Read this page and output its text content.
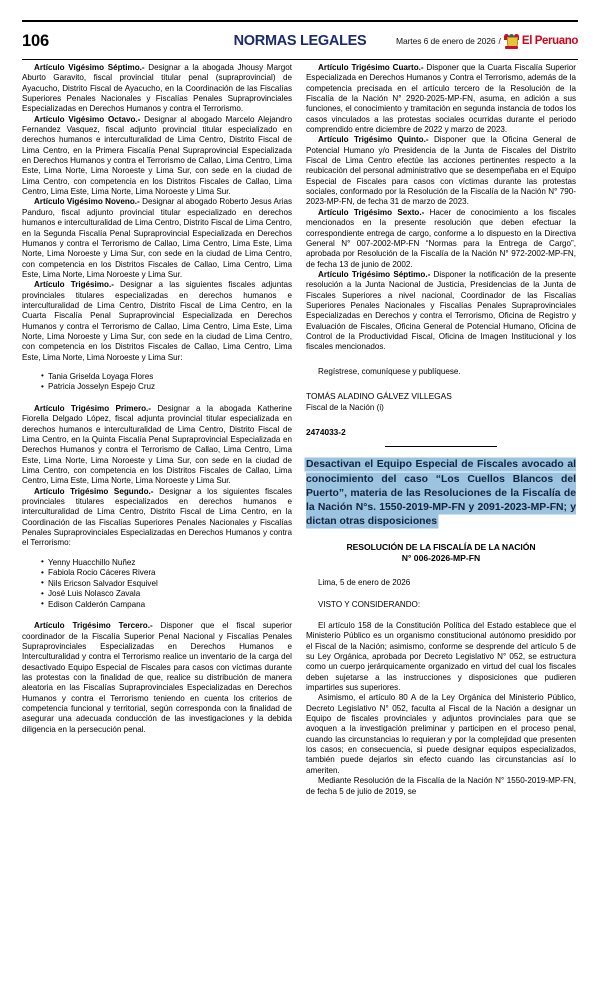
106	NORMAS LEGALES	Martes 6 de enero de 2026 / El Peruano

Artículo Vigésimo Séptimo.- Designar a la abogada Jhousy Margot Aburto Garavito, fiscal provincial titular penal (supraprovincial) de Ayacucho, Distrito Fiscal de Ayacucho, en la Coordinación de las Fiscalías Superiores Penales Nacionales y Fiscalías Penales Supraprovinciales Especializadas en Derechos Humanos y contra el Terrorismo.

Artículo Vigésimo Octavo.- Designar al abogado Marcelo Alejandro Fernandez Vasquez, fiscal adjunto provincial titular especializado en derechos humanos e interculturalidad de Lima Centro, Distrito Fiscal de Lima Centro, en la Primera Fiscalía Penal Supraprovincial Especializada en Derechos Humanos y contra el Terrorismo de Callao, Lima Centro, Lima Este, Lima Norte, Lima Noroeste y Lima Sur, con sede en la ciudad de Lima Centro, con competencia en los Distritos Fiscales de Callao, Lima Centro, Lima Este, Lima Norte, Lima Noroeste y Lima Sur.

Artículo Vigésimo Noveno.- Designar al abogado Roberto Jesus Arias Panduro, fiscal adjunto provincial titular especializado en derechos humanos e interculturalidad de Lima Centro, Distrito Fiscal de Lima Centro, en la Segunda Fiscalía Penal Supraprovincial Especializada en Derechos Humanos y contra el Terrorismo de Callao, Lima Centro, Lima Este, Lima Norte, Lima Noroeste y Lima Sur, con sede en la ciudad de Lima Centro, con competencia en los Distritos Fiscales de Callao, Lima Centro, Lima Este, Lima Norte, Lima Noroeste y Lima Sur.

Artículo Trigésimo.- Designar a las siguientes fiscales adjuntas provinciales titulares especializadas en derechos humanos e interculturalidad de Lima Centro, Distrito Fiscal de Lima Centro, en la Cuarta Fiscalía Penal Supraprovincial Especializada en Derechos Humanos y contra el Terrorismo de Callao, Lima Centro, Lima Este, Lima Norte, Lima Noroeste y Lima Sur, con sede en la ciudad de Lima Centro, con competencia en los Distritos Fiscales de Callao, Lima Centro, Lima Este, Lima Norte, Lima Noroeste y Lima Sur:

• Tania Griselda Loyaga Flores
• Patricia Josselyn Espejo Cruz

Artículo Trigésimo Primero.- Designar a la abogada Katherine Fiorella Delgado López, fiscal adjunta provincial titular especializada en derechos humanos e interculturalidad de Lima Centro, Distrito Fiscal de Lima Centro, en la Quinta Fiscalía Penal Supraprovincial Especializada en Derechos Humanos y contra el Terrorismo de Callao, Lima Centro, Lima Este, Lima Norte, Lima Noroeste y Lima Sur, con sede en la ciudad de Lima Centro, con competencia en los Distritos Fiscales de Callao, Lima Centro, Lima Este, Lima Norte, Lima Noroeste y Lima Sur.

Artículo Trigésimo Segundo.- Designar a los siguientes fiscales provinciales titulares especializados en derechos humanos e interculturalidad de Lima Centro, Distrito Fiscal de Lima Centro, en la Coordinación de las Fiscalías Superiores Penales Nacionales y Fiscalías Penales Supraprovinciales Especializadas en Derechos Humanos y contra el Terrorismo:

• Yenny Huacchillo Nuñez
• Fabiola Rocio Cáceres Rivera
• Nils Ericson Salvador Esquivel
• José Luis Nolasco Zavala
• Edison Calderón Campana

Artículo Trigésimo Tercero.- Disponer que el fiscal superior coordinador de la Fiscalía Superior Penal Nacional y Fiscalías Penales Supraprovinciales Especializadas en Derechos Humanos e Interculturalidad y contra el Terrorismo realice un inventario de la carga del desactivado Equipo Especial de Fiscales para casos con víctimas durante las protestas con la finalidad de que, realice su distribución de manera aleatoria en las Fiscalías Supraprovinciales Especializadas en Derechos Humanos y contra el Terrorismo teniendo en cuenta los criterios de competencia funcional y territorial, según corresponda con la finalidad de asegurar una adecuada conducción de las investigaciones y la debida diligencia en la persecución penal.

Artículo Trigésimo Cuarto.- Disponer que la Cuarta Fiscalía Superior Especializada en Derechos Humanos y Contra el Terrorismo, además de la competencia precisada en el artículo tercero de la Resolución de la Fiscalía de la Nación N° 2920-2025-MP-FN, asuma, en adición a sus funciones, el conocimiento y tramitación en segunda instancia de todos los casos vinculados a las protestas sociales ocurridas durante el periodo comprendido entre diciembre de 2022 y marzo de 2023.

Artículo Trigésimo Quinto.- Disponer que la Oficina General de Potencial Humano y/o Presidencia de la Junta de Fiscales del Distrito Fiscal de Lima Centro efectúe las acciones pertinentes respecto a la reubicación del personal administrativo que se desempeñaba en el Equipo Especial de Fiscales para casos con víctimas durante las protestas sociales, conformado por la Resolución de la Fiscalía de la Nación N° 790-2023-MP-FN, de fecha 31 de marzo de 2023.

Artículo Trigésimo Sexto.- Hacer de conocimiento a los fiscales mencionados en la presente resolución que deben efectuar la correspondiente entrega de cargo, conforme a lo dispuesto en la Directiva General N° 007-2002-MP-FN “Normas para la Entrega de Cargo”, aprobada por Resolución de la Fiscalía de la Nación N° 972-2002-MP-FN, de fecha 13 de junio de 2002.

Artículo Trigésimo Séptimo.- Disponer la notificación de la presente resolución a la Junta Nacional de Justicia, Presidencias de la Junta de Fiscales Superiores a nivel nacional, Coordinador de las Fiscalías Superiores Penales Nacionales y Fiscalías Penales Supraprovinciales Especializadas en Derechos y contra el Terrorismo, Oficina de Registro y Evaluación de Fiscales, Oficina General de Potencial Humano, Oficina de Control de la Productividad Fiscal, Oficina de Imagen Institucional y los fiscales mencionados.

Regístrese, comuníquese y publíquese.

TOMÁS ALADINO GÁLVEZ VILLEGAS

Fiscal de la Nación (i)

2474033-2

Desactivan el Equipo Especial de Fiscales avocado al conocimiento del caso “Los Cuellos Blancos del Puerto”, materia de las Resoluciones de la Fiscalía de la Nación N°s. 1550-2019-MP-FN y 2091-2023-MP-FN; y dictan otras disposiciones

RESOLUCIÓN DE LA FISCALÍA DE LA NACIÓN

N° 006-2026-MP-FN

Lima, 5 de enero de 2026

VISTO Y CONSIDERANDO:

El artículo 158 de la Constitución Política del Estado establece que el Ministerio Público es un organismo constitucional autónomo presidido por el Fiscal de la Nación; asimismo, conforme se desprende del artículo 5 de su Ley Orgánica, aprobada por Decreto Legislativo N° 052, se estructura como un cuerpo jerárquicamente organizado en virtud del cual los fiscales deben sujetarse a las instrucciones y disposiciones que pudieren impartirles sus superiores.

Asimismo, el artículo 80 A de la Ley Orgánica del Ministerio Público, Decreto Legislativo N° 052, faculta al Fiscal de la Nación a designar un Equipo de fiscales provinciales y adjuntos provinciales para que se avoquen a la investigación preliminar y participen en el proceso penal, cuando las circunstancias lo requieran y por la complejidad que presenten los casos; en consecuencia, si puede designar equipos especializados, también puede dejarlos sin efecto cuando las circunstancias así lo ameriten.

Mediante Resolución de la Fiscalía de la Nación N° 1550-2019-MP-FN, de fecha 5 de julio de 2019, se
